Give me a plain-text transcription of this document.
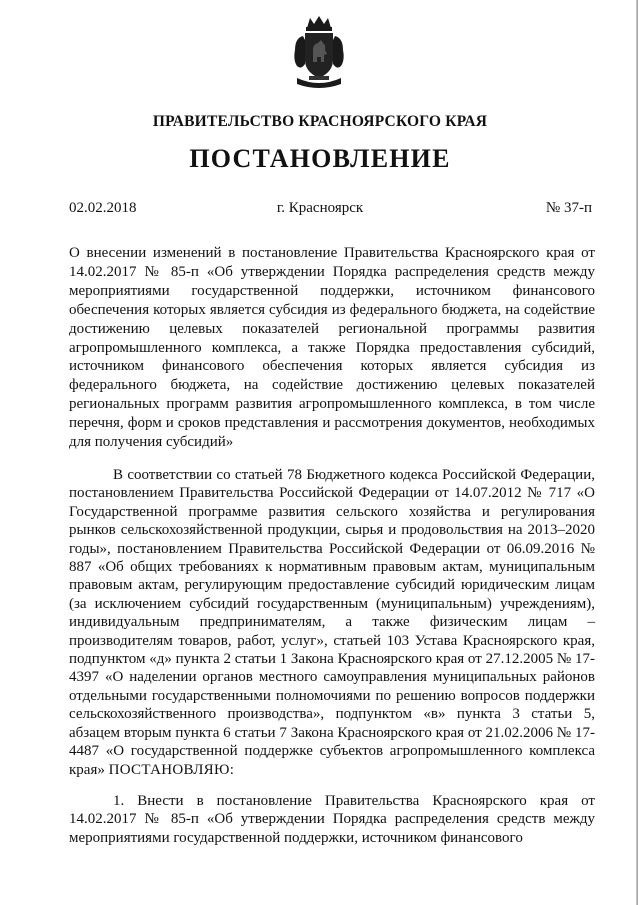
ПРАВИТЕЛЬСТВО КРАСНОЯРСКОГО КРАЯ
ПОСТАНОВЛЕНИЕ
02.02.2018	г. Красноярск	№ 37-п
О внесении изменений в постановление Правительства Красноярского края от 14.02.2017 № 85-п «Об утверждении Порядка распределения средств между мероприятиями государственной поддержки, источником финансового обеспечения которых является субсидия из федерального бюджета, на содействие достижению целевых показателей региональной программы развития агропромышленного комплекса, а также Порядка предоставления субсидий, источником финансового обеспечения которых является субсидия из федерального бюджета, на содействие достижению целевых показателей региональных программ развития агропромышленного комплекса, в том числе перечня, форм и сроков представления и рассмотрения документов, необходимых для получения субсидий»
В соответствии со статьей 78 Бюджетного кодекса Российской Федерации, постановлением Правительства Российской Федерации от 14.07.2012 № 717 «О Государственной программе развития сельского хозяйства и регулирования рынков сельскохозяйственной продукции, сырья и продовольствия на 2013–2020 годы», постановлением Правительства Российской Федерации от 06.09.2016 № 887 «Об общих требованиях к нормативным правовым актам, муниципальным правовым актам, регулирующим предоставление субсидий юридическим лицам (за исключением субсидий государственным (муниципальным) учреждениям), индивидуальным предпринимателям, а также физическим лицам – производителям товаров, работ, услуг», статьей 103 Устава Красноярского края, подпунктом «д» пункта 2 статьи 1 Закона Красноярского края от 27.12.2005 № 17-4397 «О наделении органов местного самоуправления муниципальных районов отдельными государственными полномочиями по решению вопросов поддержки сельскохозяйственного производства», подпунктом «в» пункта 3 статьи 5, абзацем вторым пункта 6 статьи 7 Закона Красноярского края от 21.02.2006 № 17-4487 «О государственной поддержке субъектов агропромышленного комплекса края» ПОСТАНОВЛЯЮ:
1. Внести в постановление Правительства Красноярского края от 14.02.2017 № 85-п «Об утверждении Порядка распределения средств между мероприятиями государственной поддержки, источником финансового
